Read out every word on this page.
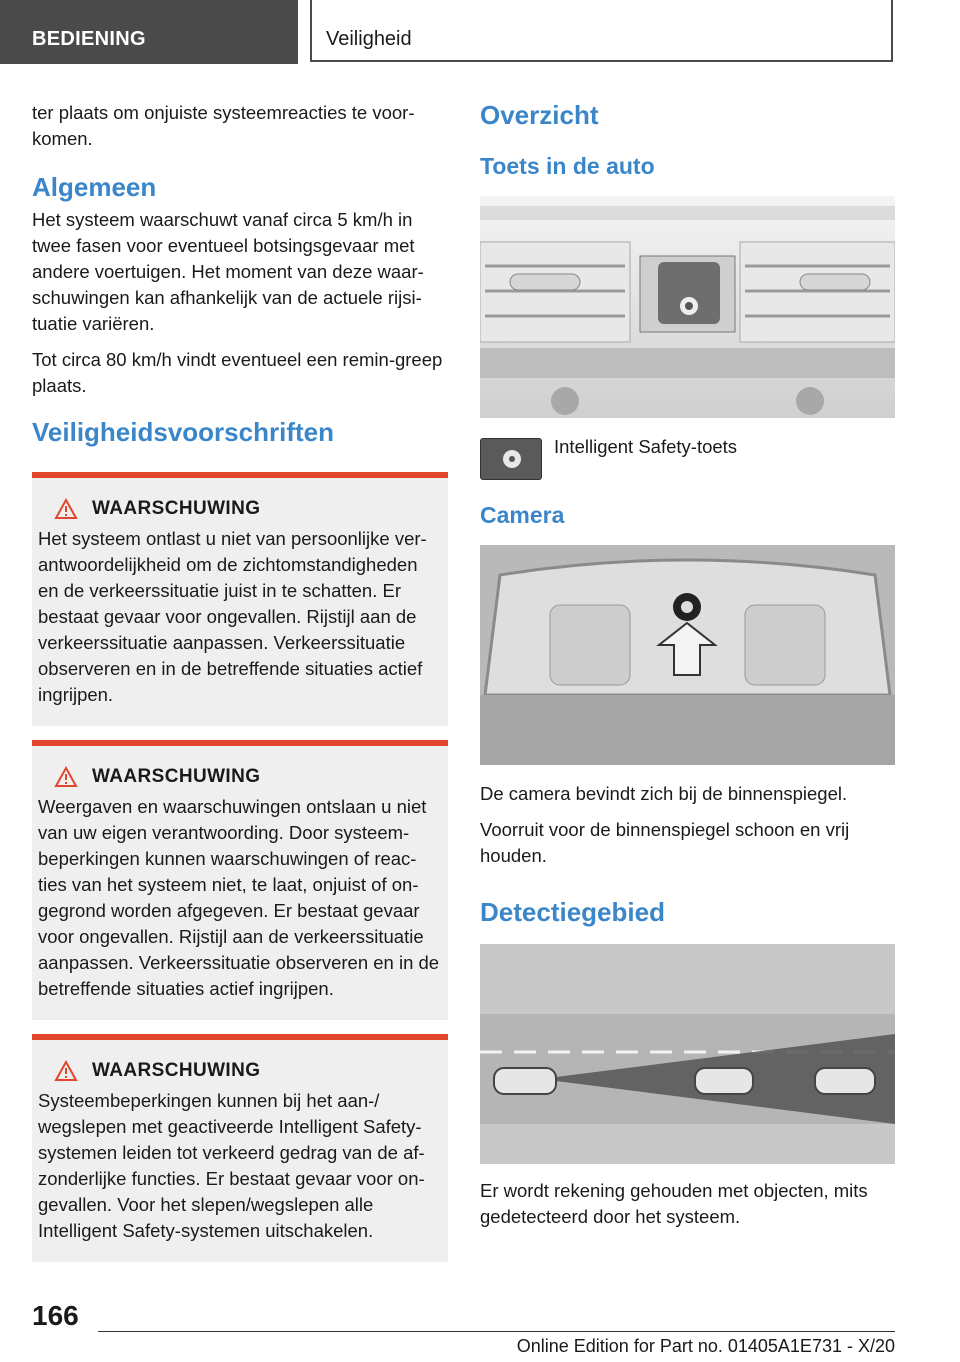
BEDIENING	Veiligheid

ter plaats om onjuiste systeemreacties te voor-komen.

Algemeen

Het systeem waarschuwt vanaf circa 5 km/h in twee fasen voor eventueel botsingsgevaar met andere voertuigen. Het moment van deze waar-schuwingen kan afhankelijk van de actuele rijsi-tuatie variëren.

Tot circa 80 km/h vindt eventueel een remin-greep plaats.

Veiligheidsvoorschriften
WAARSCHUWING

Het systeem ontlast u niet van persoonlijke ver-antwoordelijkheid om de zichtomstandigheden en de verkeerssituatie juist in te schatten. Er bestaat gevaar voor ongevallen. Rijstijl aan de verkeerssituatie aanpassen. Verkeerssituatie observeren en in de betreffende situaties actief ingrijpen.

WAARSCHUWING

Weergaven en waarschuwingen ontslaan u niet van uw eigen verantwoording. Door systeem-beperkingen kunnen waarschuwingen of reac-ties van het systeem niet, te laat, onjuist of on-gegrond worden afgegeven. Er bestaat gevaar voor ongevallen. Rijstijl aan de verkeerssituatie aanpassen. Verkeerssituatie observeren en in de betreffende situaties actief ingrijpen.

WAARSCHUWING

Systeembeperkingen kunnen bij het aan-/ wegslepen met geactiveerde Intelligent Safety-systemen leiden tot verkeerd gedrag van de af-zonderlijke functies. Er bestaat gevaar voor on-gevallen. Voor het slepen/wegslepen alle Intelligent Safety-systemen uitschakelen.

Overzicht
Toets in de auto
Intelligent Safety-toets
Camera

De camera bevindt zich bij de binnenspiegel.

Voorruit voor de binnenspiegel schoon en vrij houden.

Detectiegebied

Er wordt rekening gehouden met objecten, mits gedetecteerd door het systeem.

166
Online Edition for Part no. 01405A1E731 - X/20
